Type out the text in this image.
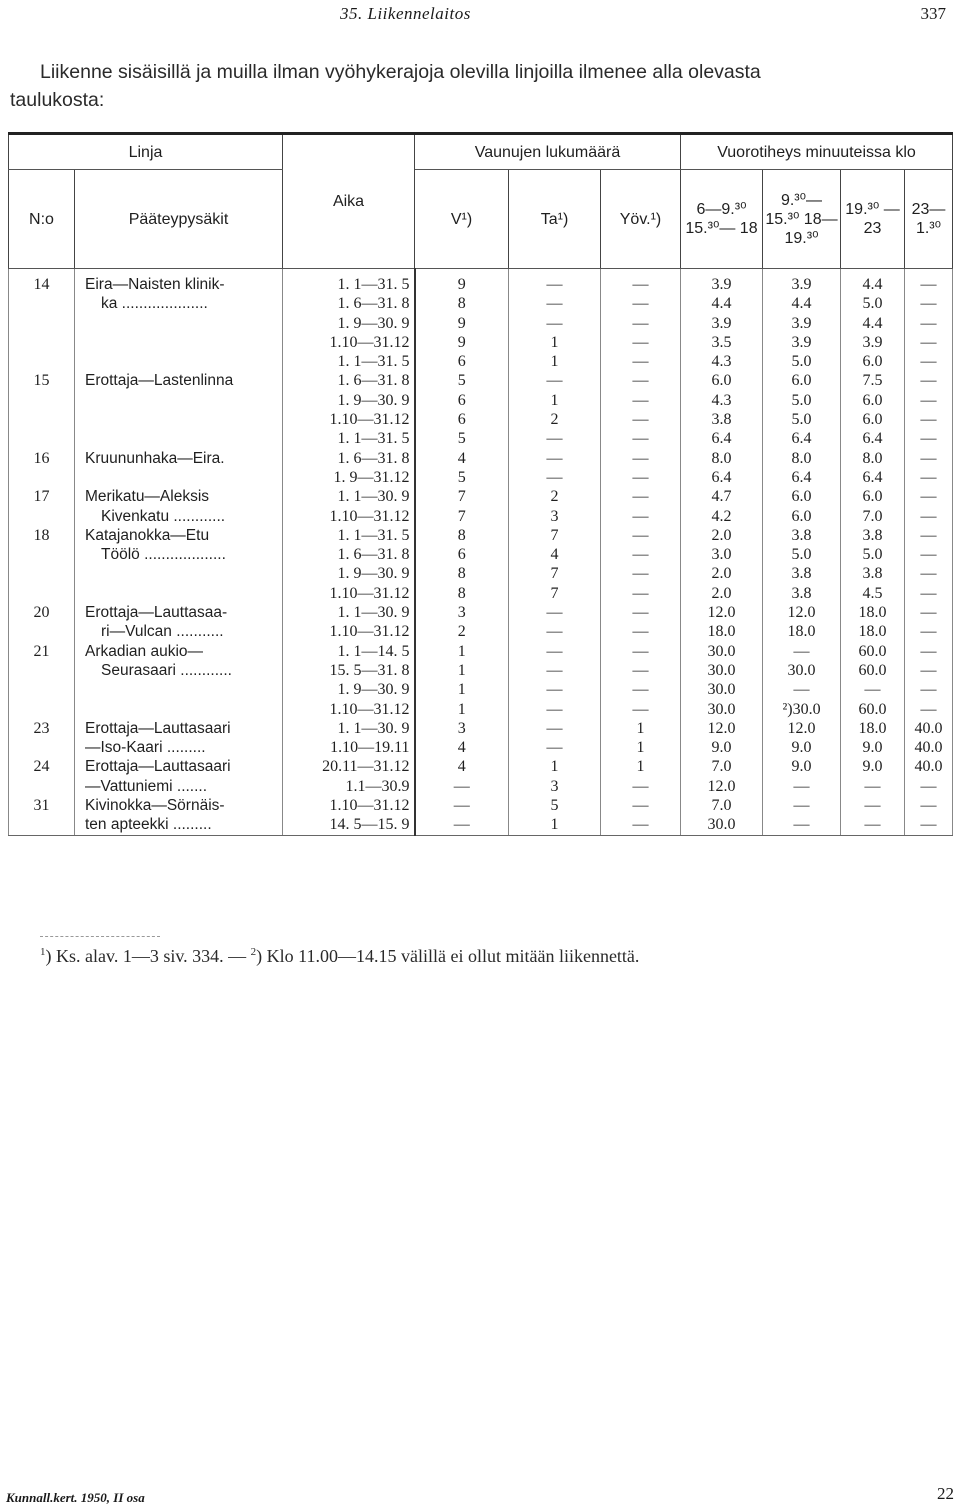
35. Liikennelaitos	337
Liikenne sisäisillä ja muilla ilman vyöhykerajoja olevilla linjoilla ilmenee alla olevasta
taulukosta:
Linja		Aika	Vaunujen lukumäärä			Vuorotiheys minuuteissa klo			
N:o	Pääteypysäkit		V¹)	Ta¹)	Yöv.¹)	6—9.³⁰ 15.³⁰— 18	9.³⁰— 15.³⁰ 18— 19.³⁰	19.³⁰ —23	23— 1.³⁰

14	Eira—Naisten klinik-	1. 1—31. 5	9	—	—	3.9	3.9	4.4	—
	ka ....................	1. 6—31. 8	8	—	—	4.4	4.4	5.0	—
		1. 9—30. 9	9	—	—	3.9	3.9	4.4	—
		1.10—31.12	9	1	—	3.5	3.9	3.9	—
		1. 1—31. 5	6	1	—	4.3	5.0	6.0	—
15	Erottaja—Lastenlinna	1. 6—31. 8	5	—	—	6.0	6.0	7.5	—
		1. 9—30. 9	6	1	—	4.3	5.0	6.0	—
		1.10—31.12	6	2	—	3.8	5.0	6.0	—
		1. 1—31. 5	5	—	—	6.4	6.4	6.4	—
16	Kruununhaka—Eira.	1. 6—31. 8	4	—	—	8.0	8.0	8.0	—
		1. 9—31.12	5	—	—	6.4	6.4	6.4	—
17	Merikatu—Aleksis	1. 1—30. 9	7	2	—	4.7	6.0	6.0	—
	Kivenkatu ............	1.10—31.12	7	3	—	4.2	6.0	7.0	—
18	Katajanokka—Etu	1. 1—31. 5	8	7	—	2.0	3.8	3.8	—
	Töölö ...................	1. 6—31. 8	6	4	—	3.0	5.0	5.0	—
		1. 9—30. 9	8	7	—	2.0	3.8	3.8	—
		1.10—31.12	8	7	—	2.0	3.8	4.5	—
20	Erottaja—Lauttasaa-	1. 1—30. 9	3	—	—	12.0	12.0	18.0	—
	ri—Vulcan ...........	1.10—31.12	2	—	—	18.0	18.0	18.0	—
21	Arkadian aukio—	1. 1—14. 5	1	—	—	30.0	—	60.0	—
	Seurasaari ............	15. 5—31. 8	1	—	—	30.0	30.0	60.0	—
		1. 9—30. 9	1	—	—	30.0	—	—	—
		1.10—31.12	1	—	—	30.0	²)30.0	60.0	—
23	Erottaja—Lauttasaari	1. 1—30. 9	3	—	1	12.0	12.0	18.0	40.0
	—Iso-Kaari .........	1.10—19.11	4	—	1	9.0	9.0	9.0	40.0
24	Erottaja—Lauttasaari	20.11—31.12	4	1	1	7.0	9.0	9.0	40.0
	—Vattuniemi .......	1.1—30.9	—	3	—	12.0	—	—	—
31	Kivinokka—Sörnäis-	1.10—31.12	—	5	—	7.0	—	—	—
	ten apteekki .........	14. 5—15. 9	—	1	—	30.0	—	—	—
$^1$) Ks. alav. 1—3 siv. 334. — $^2$) Klo 11.00—14.15 välillä ei ollut mitään liikennettä.
Kunnall.kert. 1950, II osa	22
